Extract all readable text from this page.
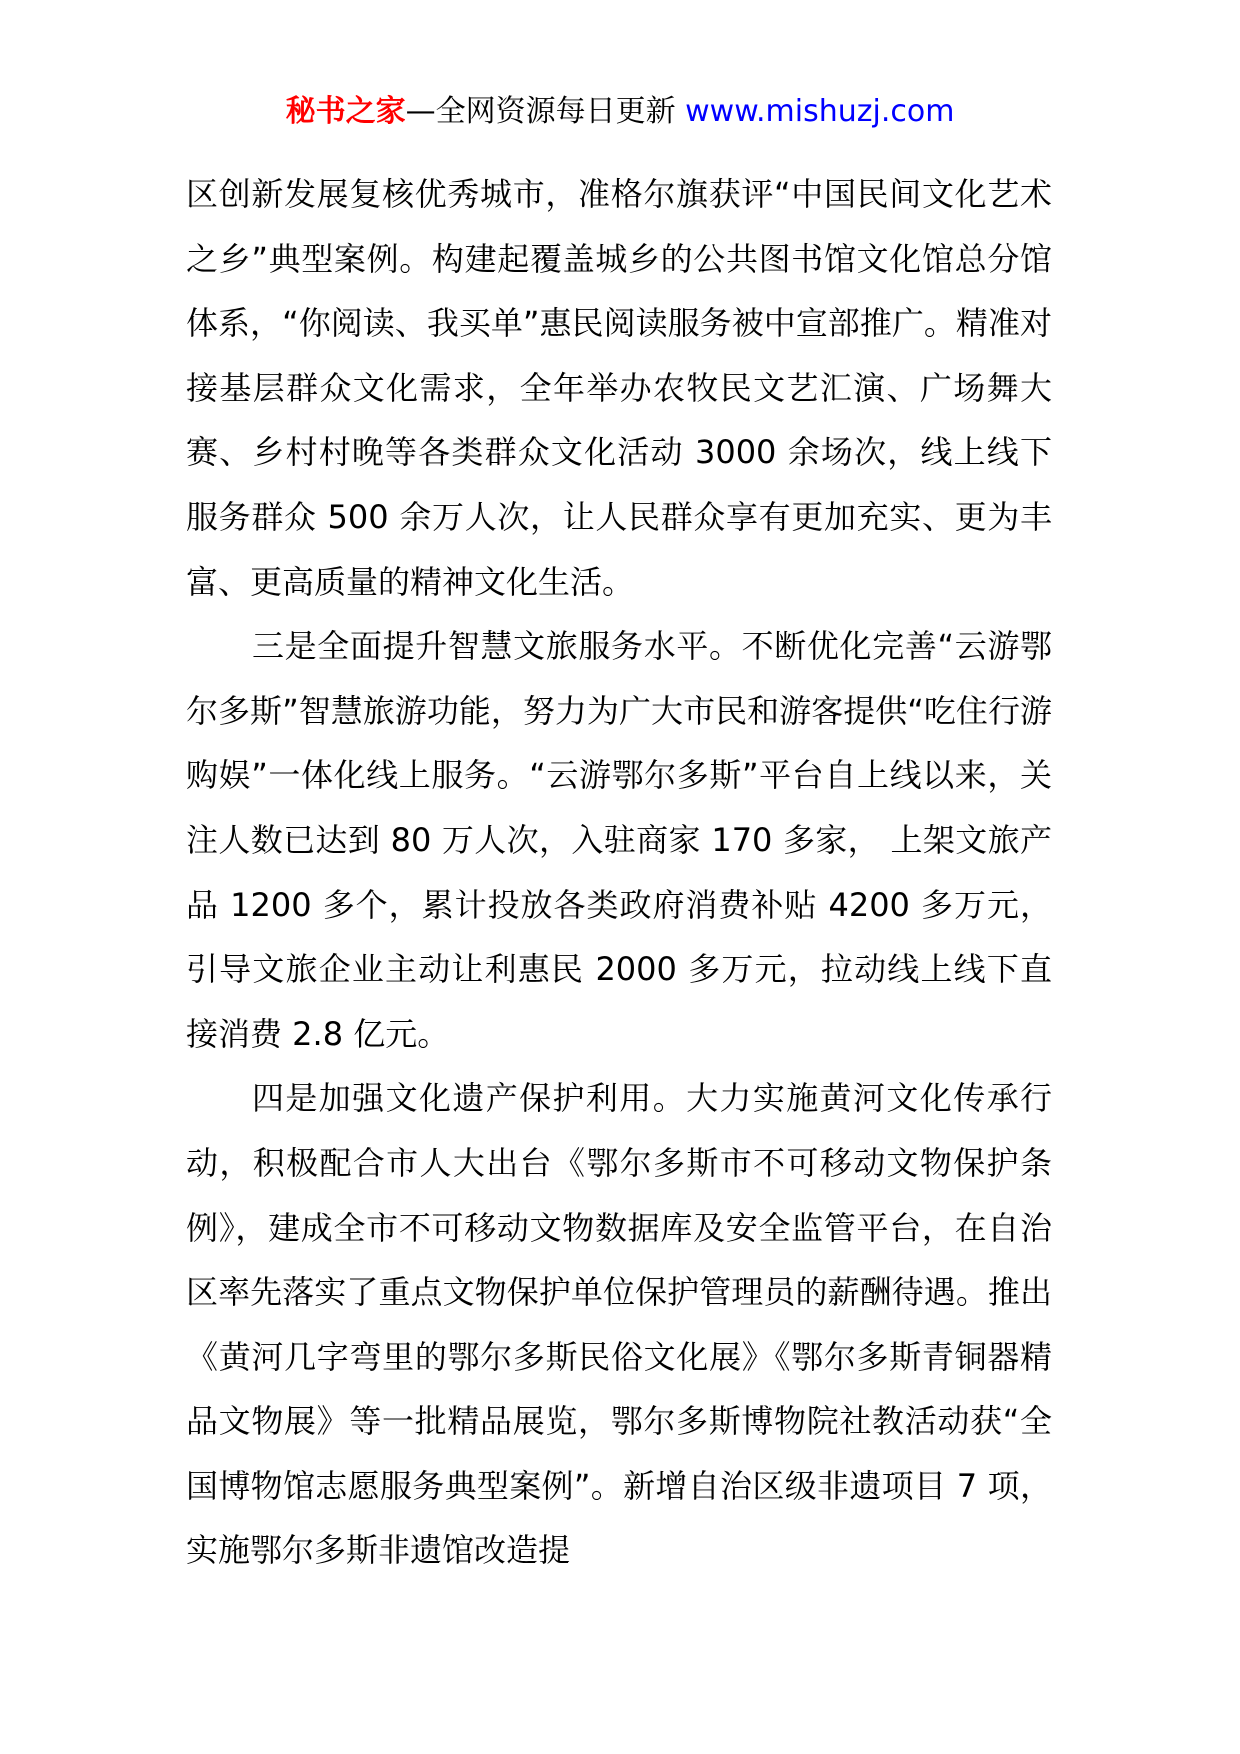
秘书之家—全网资源每日更新 www.mishuzj.com

区创新发展复核优秀城市，准格尔旗获评“中国民间文化艺术之乡”典型案例。构建起覆盖城乡的公共图书馆文化馆总分馆体系，“你阅读、我买单”惠民阅读服务被中宣部推广。精准对接基层群众文化需求，全年举办农牧民文艺汇演、广场舞大赛、乡村村晚等各类群众文化活动 3000 余场次，线上线下服务群众 500 余万人次，让人民群众享有更加充实、更为丰富、更高质量的精神文化生活。

三是全面提升智慧文旅服务水平。不断优化完善“云游鄂尔多斯”智慧旅游功能，努力为广大市民和游客提供“吃住行游购娱”一体化线上服务。“云游鄂尔多斯”平台自上线以来，关注人数已达到 80 万人次，入驻商家 170 多家， 上架文旅产品 1200 多个，累计投放各类政府消费补贴 4200 多万元，引导文旅企业主动让利惠民 2000 多万元，拉动线上线下直接消费 2.8 亿元。

四是加强文化遗产保护利用。大力实施黄河文化传承行动，积极配合市人大出台《鄂尔多斯市不可移动文物保护条例》，建成全市不可移动文物数据库及安全监管平台，在自治区率先落实了重点文物保护单位保护管理员的薪酬待遇。推出《黄河几字弯里的鄂尔多斯民俗文化展》《鄂尔多斯青铜器精品文物展》等一批精品展览，鄂尔多斯博物院社教活动获“全国博物馆志愿服务典型案例”。新增自治区级非遗项目 7 项，实施鄂尔多斯非遗馆改造提
